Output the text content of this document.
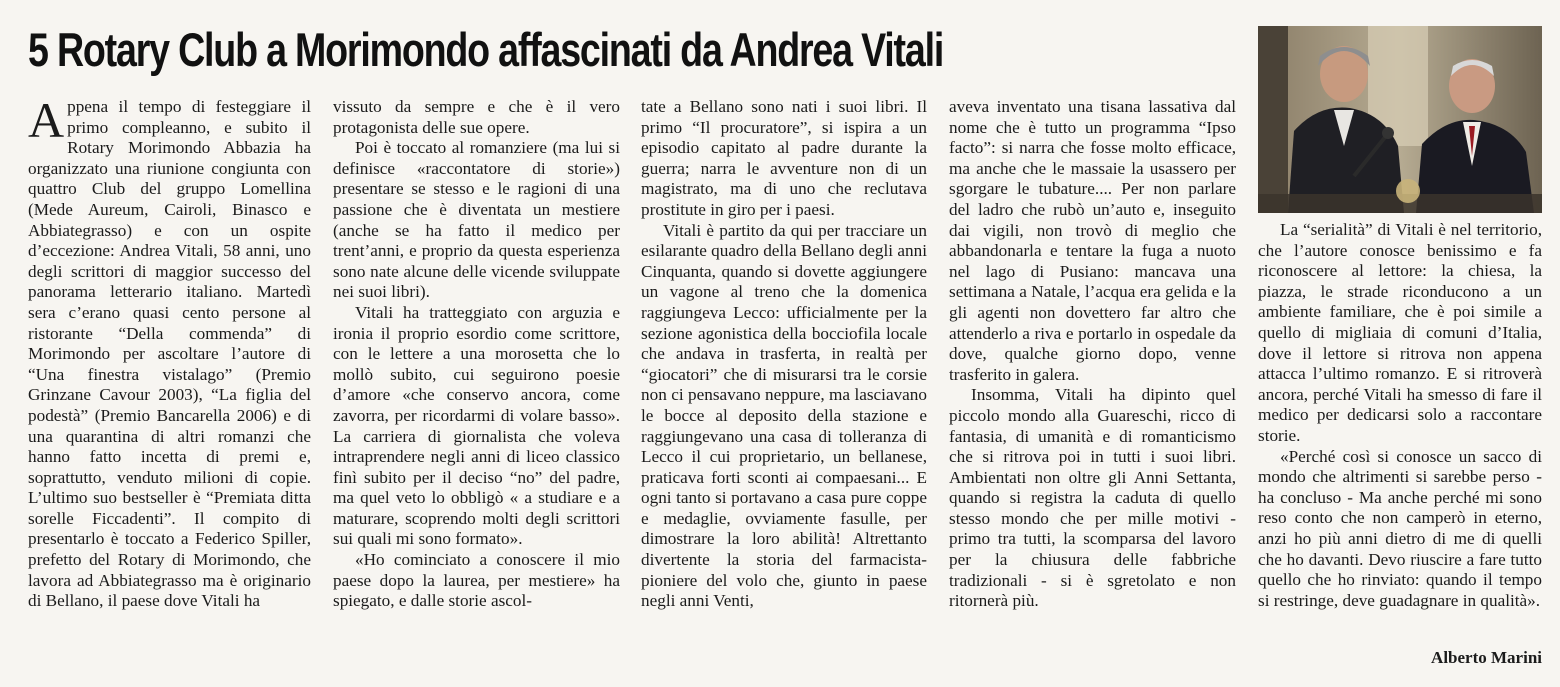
5 Rotary Club a Morimondo affascinati da Andrea Vitali

Appena il tempo di festeggiare il primo compleanno, e subito il Rotary Morimondo Abbazia ha organizzato una riunione congiunta con quattro Club del gruppo Lomellina (Mede Aureum, Cairoli, Binasco e Abbiategrasso) e con un ospite d’eccezione: Andrea Vitali, 58 anni, uno degli scrittori di maggior successo del panorama letterario italiano. Martedì sera c’erano quasi cento persone al ristorante “Della commenda” di Morimondo per ascoltare l’autore di “Una finestra vistalago” (Premio Grinzane Cavour 2003), “La figlia del podestà” (Premio Bancarella 2006) e di una quarantina di altri romanzi che hanno fatto incetta di premi e, soprattutto, venduto milioni di copie. L’ultimo suo bestseller è “Premiata ditta sorelle Ficcadenti”. Il compito di presentarlo è toccato a Federico Spiller, prefetto del Rotary di Morimondo, che lavora ad Abbiategrasso ma è originario di Bellano, il paese dove Vitali ha

vissuto da sempre e che è il vero protagonista delle sue opere.

Poi è toccato al romanziere (ma lui si definisce «raccontatore di storie») presentare se stesso e le ragioni di una passione che è diventata un mestiere (anche se ha fatto il medico per trent’anni, e proprio da questa esperienza sono nate alcune delle vicende sviluppate nei suoi libri).

Vitali ha tratteggiato con arguzia e ironia il proprio esordio come scrittore, con le lettere a una morosetta che lo mollò subito, cui seguirono poesie d’amore «che conservo ancora, come zavorra, per ricordarmi di volare basso». La carriera di giornalista che voleva intraprendere negli anni di liceo classico finì subito per il deciso “no” del padre, ma quel veto lo obbligò « a studiare e a maturare, scoprendo molti degli scrittori sui quali mi sono formato».

«Ho cominciato a conoscere il mio paese dopo la laurea, per mestiere» ha spiegato, e dalle storie ascol-

tate a Bellano sono nati i suoi libri. Il primo “Il procuratore”, si ispira a un episodio capitato al padre durante la guerra; narra le avventure non di un magistrato, ma di uno che reclutava prostitute in giro per i paesi.

Vitali è partito da qui per tracciare un esilarante quadro della Bellano degli anni Cinquanta, quando si dovette aggiungere un vagone al treno che la domenica raggiungeva Lecco: ufficialmente per la sezione agonistica della bocciofila locale che andava in trasferta, in realtà per “giocatori” che di misurarsi tra le corsie non ci pensavano neppure, ma lasciavano le bocce al deposito della stazione e raggiungevano una casa di tolleranza di Lecco il cui proprietario, un bellanese, praticava forti sconti ai compaesani... E ogni tanto si portavano a casa pure coppe e medaglie, ovviamente fasulle, per dimostrare la loro abilità! Altrettanto divertente la storia del farmacista-pioniere del volo che, giunto in paese negli anni Venti,

aveva inventato una tisana lassativa dal nome che è tutto un programma “Ipso facto”: si narra che fosse molto efficace, ma anche che le massaie la usassero per sgorgare le tubature.... Per non parlare del ladro che rubò un’auto e, inseguito dai vigili, non trovò di meglio che abbandonarla e tentare la fuga a nuoto nel lago di Pusiano: mancava una settimana a Natale, l’acqua era gelida e la gli agenti non dovettero far altro che attenderlo a riva e portarlo in ospedale da dove, qualche giorno dopo, venne trasferito in galera.

Insomma, Vitali ha dipinto quel piccolo mondo alla Guareschi, ricco di fantasia, di umanità e di romanticismo che si ritrova poi in tutti i suoi libri. Ambientati non oltre gli Anni Settanta, quando si registra la caduta di quello stesso mondo che per mille motivi - primo tra tutti, la scomparsa del lavoro per la chiusura delle fabbriche tradizionali - si è sgretolato e non ritornerà più.

La “serialità” di Vitali è nel territorio, che l’autore conosce benissimo e fa riconoscere al lettore: la chiesa, la piazza, le strade riconducono a un ambiente familiare, che è poi simile a quello di migliaia di comuni d’Italia, dove il lettore si ritrova non appena attacca l’ultimo romanzo. E si ritroverà ancora, perché Vitali ha smesso di fare il medico per dedicarsi solo a raccontare storie.

«Perché così si conosce un sacco di mondo che altrimenti si sarebbe perso - ha concluso - Ma anche perché mi sono reso conto che non camperò in eterno, anzi ho più anni dietro di me di quelli che ho davanti. Devo riuscire a fare tutto quello che ho rinviato: quando il tempo si restringe, deve guadagnare in qualità».

Alberto Marini
